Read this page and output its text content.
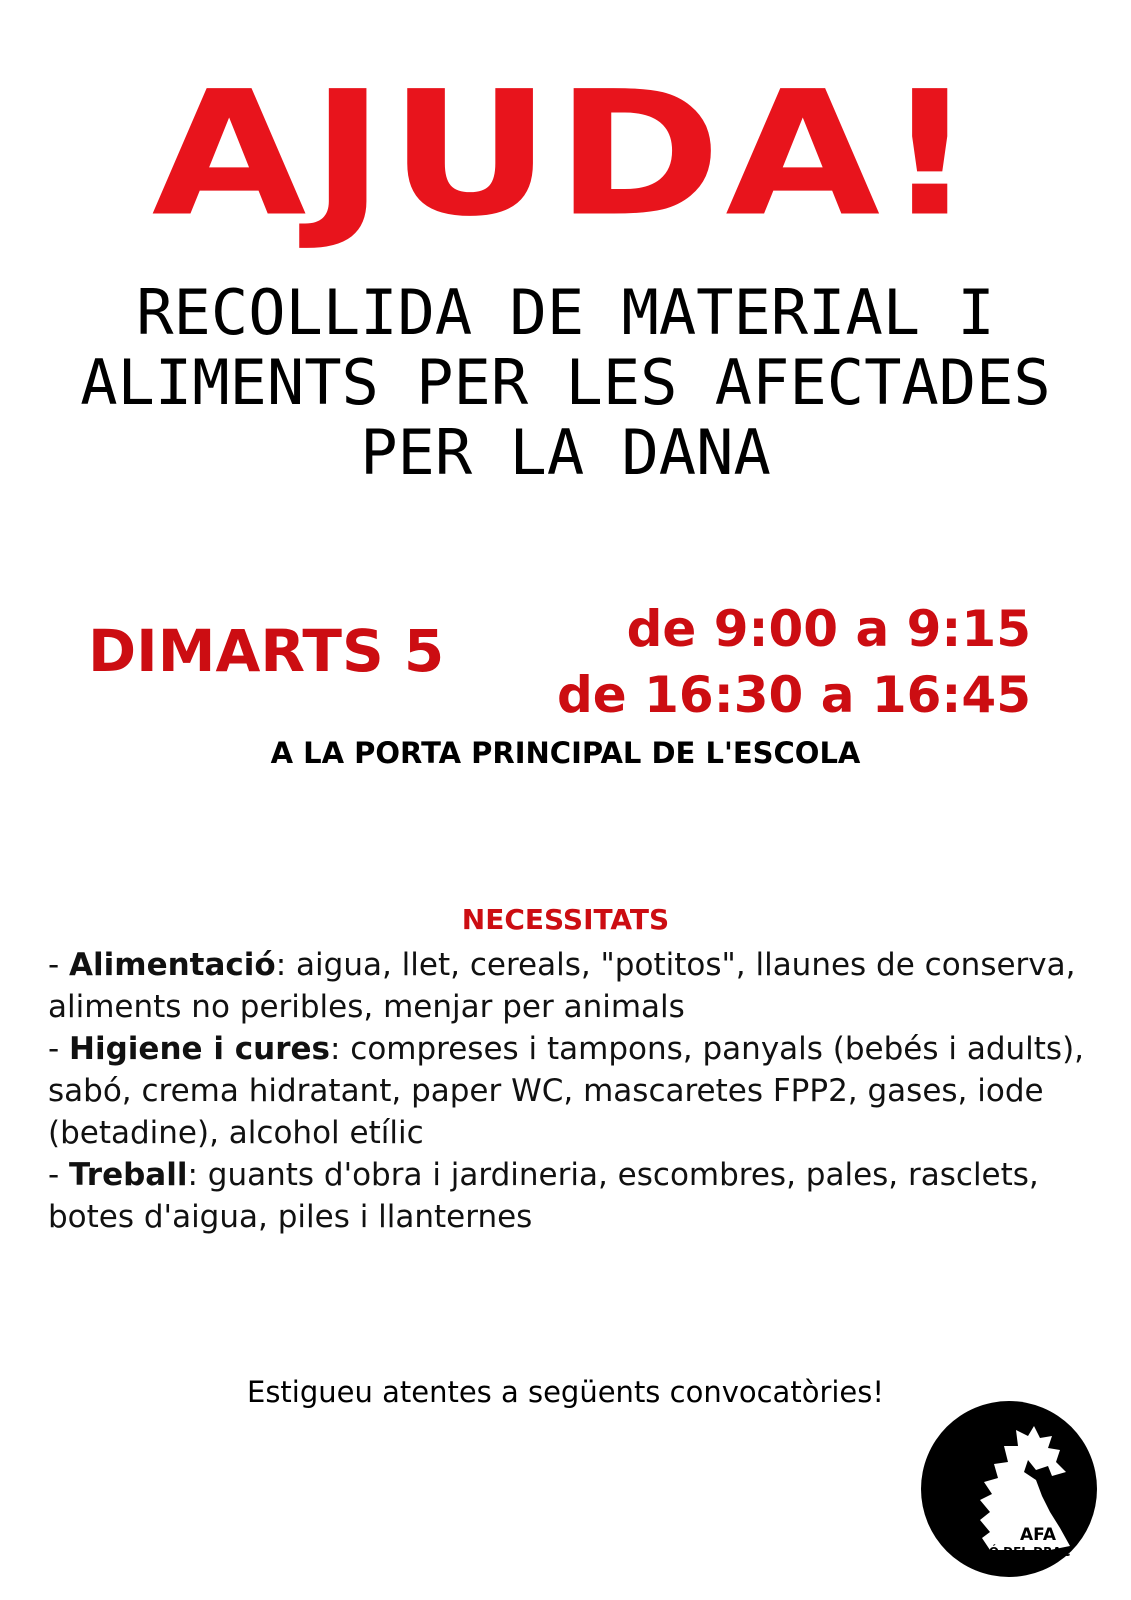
AJUDA!
RECOLLIDA DE MATERIAL I
ALIMENTS PER LES AFECTADES
PER LA DANA
DIMARTS 5	de 9:00 a 9:15
de 16:30 a 16:45
A LA PORTA PRINCIPAL DE L'ESCOLA
NECESSITATS

- Alimentació: aigua, llet, cereals, "potitos", llaunes de conserva, aliments no peribles, menjar per animals

- Higiene i cures: compreses i tampons, panyals (bebés i adults), sabó, crema hidratant, paper WC, mascaretes FPP2, gases, iode (betadine), alcohol etílic

- Treball: guants d'obra i jardineria, escombres, pales, rasclets, botes d'aigua, piles i llanternes

Estigueu atentes a següents convocatòries!
AFA
TURÓ DEL DRAC
